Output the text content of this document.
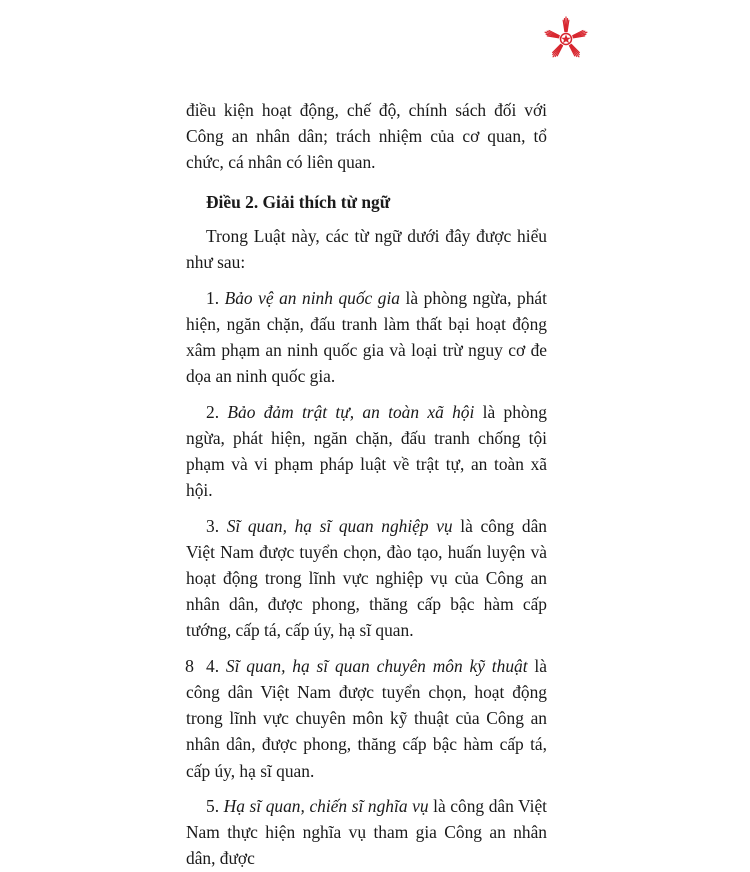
điều kiện hoạt động, chế độ, chính sách đối với Công an nhân dân; trách nhiệm của cơ quan, tổ chức, cá nhân có liên quan.

Điều 2. Giải thích từ ngữ

Trong Luật này, các từ ngữ dưới đây được hiểu như sau:

1. Bảo vệ an ninh quốc gia là phòng ngừa, phát hiện, ngăn chặn, đấu tranh làm thất bại hoạt động xâm phạm an ninh quốc gia và loại trừ nguy cơ đe dọa an ninh quốc gia.

2. Bảo đảm trật tự, an toàn xã hội là phòng ngừa, phát hiện, ngăn chặn, đấu tranh chống tội phạm và vi phạm pháp luật về trật tự, an toàn xã hội.

3. Sĩ quan, hạ sĩ quan nghiệp vụ là công dân Việt Nam được tuyển chọn, đào tạo, huấn luyện và hoạt động trong lĩnh vực nghiệp vụ của Công an nhân dân, được phong, thăng cấp bậc hàm cấp tướng, cấp tá, cấp úy, hạ sĩ quan.

4. Sĩ quan, hạ sĩ quan chuyên môn kỹ thuật là công dân Việt Nam được tuyển chọn, hoạt động trong lĩnh vực chuyên môn kỹ thuật của Công an nhân dân, được phong, thăng cấp bậc hàm cấp tá, cấp úy, hạ sĩ quan.

5. Hạ sĩ quan, chiến sĩ nghĩa vụ là công dân Việt Nam thực hiện nghĩa vụ tham gia Công an nhân dân, được

8
